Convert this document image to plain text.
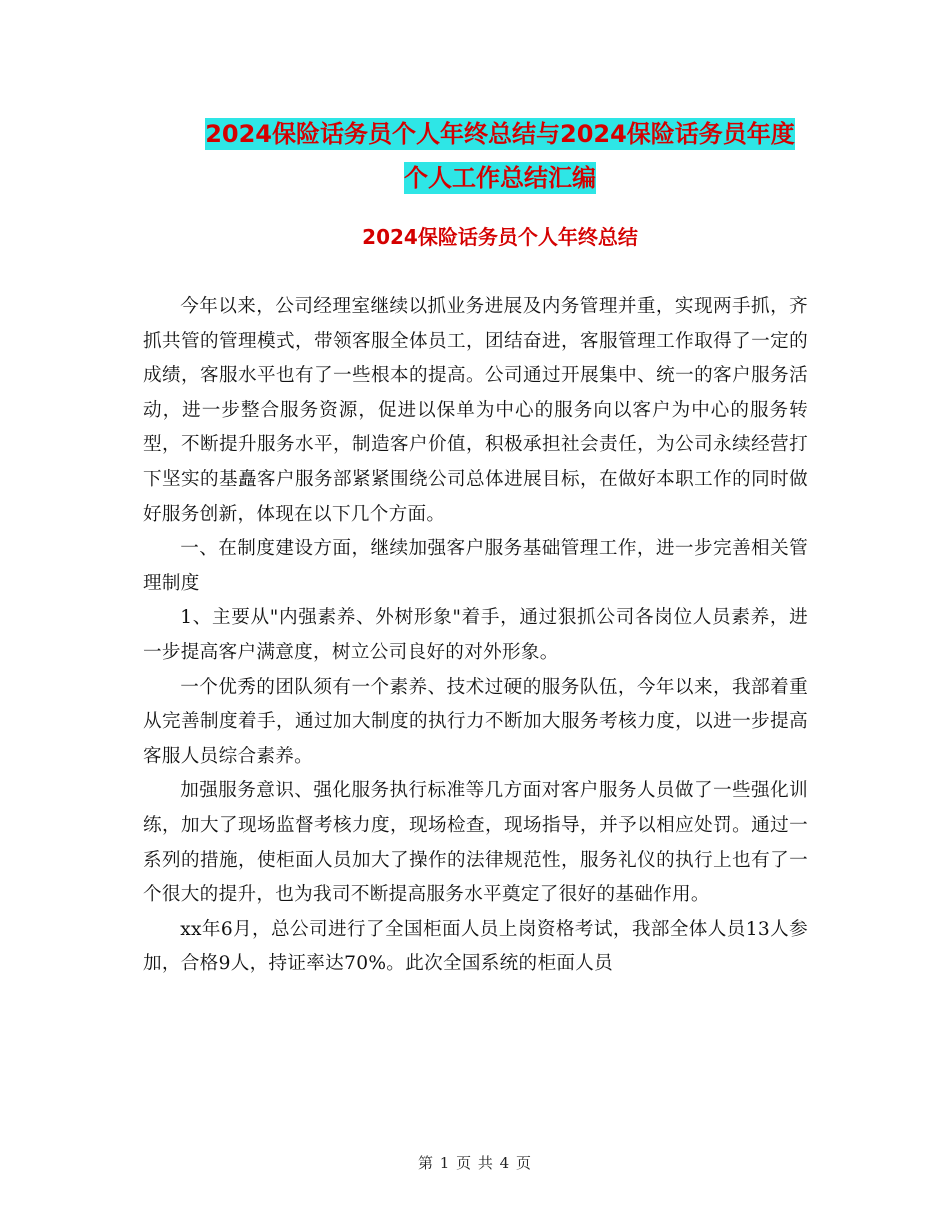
2024保险话务员个人年终总结与2024保险话务员年度
个人工作总结汇编
2024保险话务员个人年终总结

今年以来，公司经理室继续以抓业务进展及内务管理并重，实现两手抓，齐抓共管的管理模式，带领客服全体员工，团结奋进，客服管理工作取得了一定的成绩，客服水平也有了一些根本的提高。公司通过开展集中、统一的客户服务活动，进一步整合服务资源，促进以保单为中心的服务向以客户为中心的服务转型，不断提升服务水平，制造客户价值，积极承担社会责任，为公司永续经营打下坚实的基矗客户服务部紧紧围绕公司总体进展目标，在做好本职工作的同时做好服务创新，体现在以下几个方面。

一、在制度建设方面，继续加强客户服务基础管理工作，进一步完善相关管理制度

1、主要从"内强素养、外树形象"着手，通过狠抓公司各岗位人员素养，进一步提高客户满意度，树立公司良好的对外形象。

一个优秀的团队须有一个素养、技术过硬的服务队伍，今年以来，我部着重从完善制度着手，通过加大制度的执行力不断加大服务考核力度，以进一步提高客服人员综合素养。

加强服务意识、强化服务执行标准等几方面对客户服务人员做了一些强化训练，加大了现场监督考核力度，现场检查，现场指导，并予以相应处罚。通过一系列的措施，使柜面人员加大了操作的法律规范性，服务礼仪的执行上也有了一个很大的提升，也为我司不断提高服务水平奠定了很好的基础作用。

xx年6月，总公司进行了全国柜面人员上岗资格考试，我部全体人员13人参加，合格9人，持证率达70%。此次全国系统的柜面人员

第 1 页 共 4 页
